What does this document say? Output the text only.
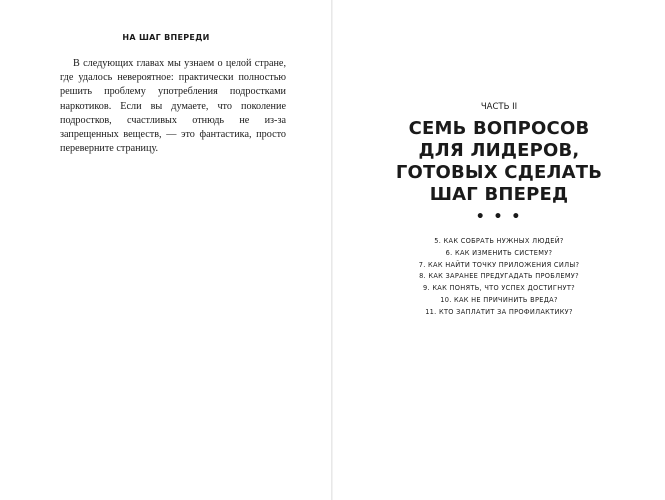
НА ШАГ ВПЕРЕДИ
В следующих главах мы узнаем о целой стране, где удалось невероятное: практически полностью решить проблему употребления подростками наркотиков. Если вы думаете, что поколение подростков, счастливых отнюдь не из-за запрещенных веществ, — это фантастика, просто переверните страницу.
ЧАСТЬ II
СЕМЬ ВОПРОСОВ
ДЛЯ ЛИДЕРОВ,
ГОТОВЫХ СДЕЛАТЬ
ШАГ ВПЕРЕД
• • •
5. КАК СОБРАТЬ НУЖНЫХ ЛЮДЕЙ?
6. КАК ИЗМЕНИТЬ СИСТЕМУ?
7. КАК НАЙТИ ТОЧКУ ПРИЛОЖЕНИЯ СИЛЫ?
8. КАК ЗАРАНЕЕ ПРЕДУГАДАТЬ ПРОБЛЕМУ?
9. КАК ПОНЯТЬ, ЧТО УСПЕХ ДОСТИГНУТ?
10. КАК НЕ ПРИЧИНИТЬ ВРЕДА?
11. КТО ЗАПЛАТИТ ЗА ПРОФИЛАКТИКУ?
